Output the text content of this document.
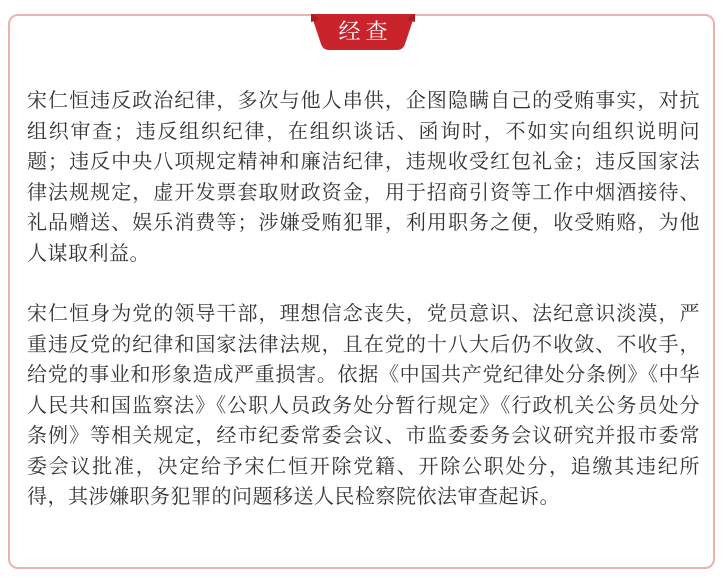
经查

宋仁恒违反政治纪律，多次与他人串供，企图隐瞒自己的受贿事实，对抗组织审查；违反组织纪律，在组织谈话、函询时，不如实向组织说明问题；违反中央八项规定精神和廉洁纪律，违规收受红包礼金；违反国家法律法规规定，虚开发票套取财政资金，用于招商引资等工作中烟酒接待、礼品赠送、娱乐消费等；涉嫌受贿犯罪，利用职务之便，收受贿赂，为他人谋取利益。

宋仁恒身为党的领导干部，理想信念丧失，党员意识、法纪意识淡漠，严重违反党的纪律和国家法律法规，且在党的十八大后仍不收敛、不收手，给党的事业和形象造成严重损害。依据《中国共产党纪律处分条例》《中华人民共和国监察法》《公职人员政务处分暂行规定》《行政机关公务员处分条例》等相关规定，经市纪委常委会议、市监委委务会议研究并报市委常委会议批准，决定给予宋仁恒开除党籍、开除公职处分，追缴其违纪所得，其涉嫌职务犯罪的问题移送人民检察院依法审查起诉。
